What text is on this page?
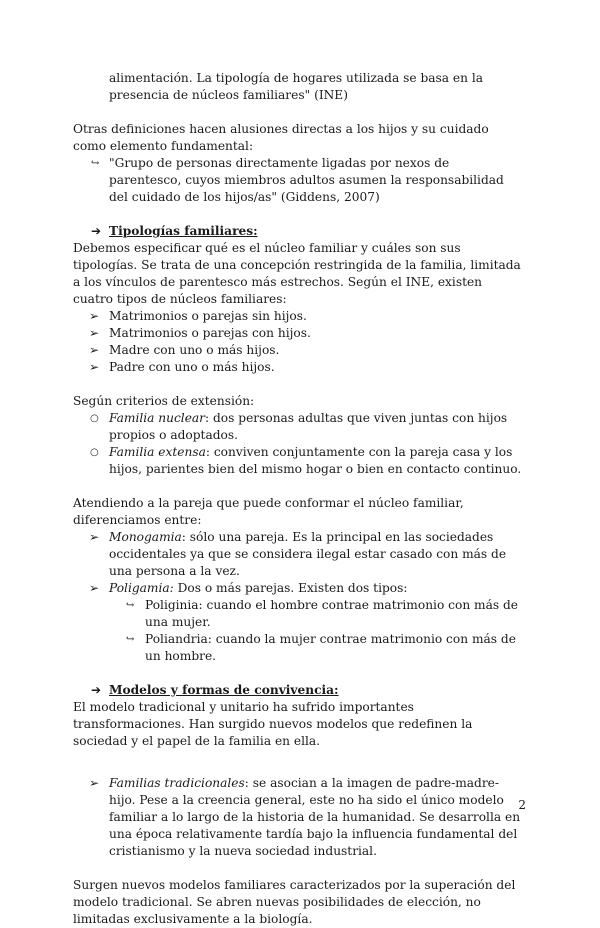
alimentación. La tipología de hogares utilizada se basa en la presencia de núcleos familiares" (INE)

Otras definiciones hacen alusiones directas a los hijos y su cuidado como elemento fundamental:

↪ "Grupo de personas directamente ligadas por nexos de parentesco, cuyos miembros adultos asumen la responsabilidad del cuidado de los hijos/as" (Giddens, 2007)
➔ Tipologías familiares:

Debemos especificar qué es el núcleo familiar y cuáles son sus tipologías. Se trata de una concepción restringida de la familia, limitada a los vínculos de parentesco más estrechos. Según el INE, existen cuatro tipos de núcleos familiares:

➢ Matrimonios o parejas sin hijos.
➢ Matrimonios o parejas con hijos.
➢ Madre con uno o más hijos.
➢ Padre con uno o más hijos.

Según criterios de extensión:

○ Familia nuclear: dos personas adultas que viven juntas con hijos propios o adoptados.
○ Familia extensa: conviven conjuntamente con la pareja casa y los hijos, parientes bien del mismo hogar o bien en contacto continuo.

Atendiendo a la pareja que puede conformar el núcleo familiar, diferenciamos entre:

➢ Monogamia: sólo una pareja. Es la principal en las sociedades occidentales ya que se considera ilegal estar casado con más de una persona a la vez.
➢ Poligamia: Dos o más parejas. Existen dos tipos:
↪ Poliginia: cuando el hombre contrae matrimonio con más de una mujer.
↪ Poliandria: cuando la mujer contrae matrimonio con más de un hombre.
➔ Modelos y formas de convivencia:

El modelo tradicional y unitario ha sufrido importantes transformaciones. Han surgido nuevos modelos que redefinen la sociedad y el papel de la familia en ella.

➢ Familias tradicionales: se asocian a la imagen de padre-madre-hijo. Pese a la creencia general, este no ha sido el único modelo familiar a lo largo de la historia de la humanidad. Se desarrolla en una época relativamente tardía bajo la influencia fundamental del cristianismo y la nueva sociedad industrial.

Surgen nuevos modelos familiares caracterizados por la superación del modelo tradicional. Se abren nuevas posibilidades de elección, no limitadas exclusivamente a la biología.

2
